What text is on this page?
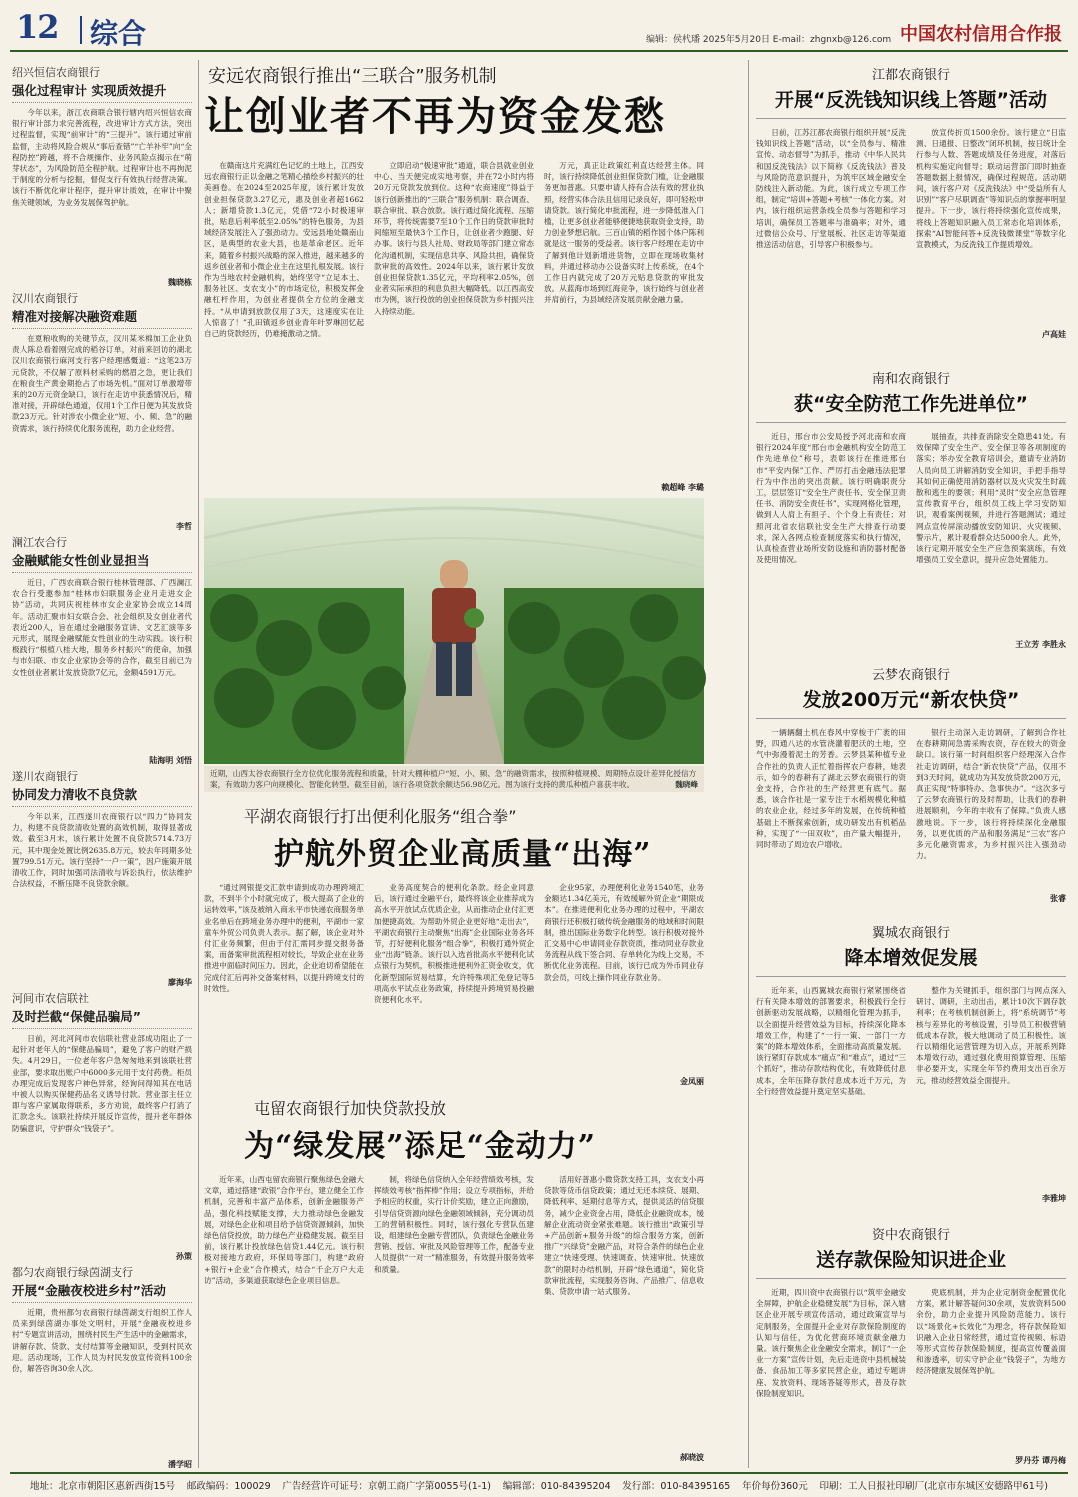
12 综合	编辑：侯杙璠 2025年5月20日 E-mail：zhgnxb@126.com 中国农村信用合作报

绍兴恒信农商银行

强化过程审计 实现质效提升

今年以来，浙江农商联合银行辖内绍兴恒信农商银行审计部力求完善流程，改进审计方式方法，突出过程监督，实现“前审计”的“三提升”。该行通过审前监督，主动将风险合规从“事后查错”“亡羊补牢”向“全程防控”跨越，将不合规操作、业务风险点揭示在“萌芽状态”，为风险防范全程护航。过程审计也不再拘泥于制度的分析与挖掘，督促支行有效执行经营决策。该行不断优化审计程序，提升审计质效，在审计中聚焦关键领域，为业务发展保驾护航。

魏晓栋

汉川农商银行

精准对接解决融资难题

在夏粮收购的关键节点，汉川某米棉加工企业负责人陈总看着刚完成的稻谷订单，对前来回访的湖北汉川农商银行麻河支行客户经理感慨道：“这笔23万元贷款，不仅解了原料材采购的燃眉之急，更让我们在粮食生产黄金期抢占了市场先机。”面对订单激增带来的20万元资金缺口，该行在走访中获悉情况后，精准对接，开辟绿色通道，仅用1个工作日便为其发放贷款23万元。针对涉农小微企业“短、小、频、急”的融资需求，该行持续优化服务流程，助力企业经营。

李哲

澜江农合行

金融赋能女性创业显担当

近日，广西农商联合银行桂林管理部、广西澜江农合行受邀参加“桂林市妇联服务企业月走进女企协”活动，共同庆祝桂林市女企业家协会成立14周年。活动汇聚市妇女联合会、社会组织及女创业者代表近200人，旨在通过金融服务宣讲、文艺汇演等多元形式，展现金融赋能女性创业的生动实践。该行积极践行“根植八桂大地，服务乡村振兴”的使命，加强与市妇联、市女企业家协会等的合作，截至目前已为女性创业者累计发放贷款7亿元，金额4591万元。

陆海明 刘悟

遂川农商银行

协同发力清收不良贷款

今年以来，江西遂川农商银行以“四力”协同发力，构建不良贷款清收处置的高效机制，取得显著成效。截至3月末，该行累计处置不良贷款5714.73万元，其中现金处置比例2635.8万元，较去年同期多处置799.51万元。该行坚持“一户一策”，因户施策开展清收工作，同时加强司法清收与诉讼执行，依法维护合法权益，不断压降不良贷款余额。

廖海华

河间市农信联社

及时拦截“保健品骗局”

日前，河北河间市农信联社营业部成功阻止了一起针对老年人的“保健品骗局”，避免了客户的财产损失。4月29日，一位老年客户急匆匆地来到该联社营业部，要求取出账户中6000多元用于支付药费。柜员办理完成后发现客户神色异常，经询问得知其在电话中被人以购买保健药品名义诱导付款。营业部主任立即与客户家属取得联系，多方劝说，最终客户打消了汇款念头。该联社持续开展反诈宣传，提升老年群体防骗意识，守护群众“钱袋子”。

孙策

都匀农商银行绿茵湖支行

开展“金融夜校进乡村”活动

近期，贵州都匀农商银行绿茵湖支行组织工作人员来到绿茵湖办事处文明村，开展“金融夜校进乡村”专题宣讲活动，围绕村民生产生活中的金融需求，讲解存款、贷款、支付结算等金融知识，受到村民欢迎。活动现场，工作人员为村民发放宣传资料100余份，解答咨询30余人次。

潘学昭

安远农商银行推出“三联合”服务机制
让创业者不再为资金发愁

在赣南这片充满红色记忆的土地上，江西安远农商银行正以金融之笔精心描绘乡村振兴的壮美画卷。在2024至2025年度，该行累计发放创业担保贷款3.27亿元，惠及创业者超1662人；新增贷款1.3亿元，凭借“72小时极速审批，贴息后利率低至2.05%”的特色服务，为县域经济发展注入了强劲动力。安远县地处赣南山区，是典型的农业大县，也是革命老区。近年来，随着乡村振兴战略的深入推进，越来越多的返乡创业者和小微企业主在这里扎根发展。该行作为当地农村金融机构，始终坚守“立足本土、服务社区、支农支小”的市场定位，积极发挥金融杠杆作用，为创业者提供全方位的金融支持。“从申请到放款仅用了3天，这速度实在让人惊喜了！”孔田镇返乡创业青年叶罗琳回忆起自己的贷款经历，仍难掩激动之情。

立即启动“极速审批”通道，联合县就业创业中心、当天便完成实地考察，并在72小时内将20万元贷款发放到位。这种“农商速度”得益于该行创新推出的“三联合”服务机制：联合调查、联合审批、联合放款。该行通过简化流程、压缩环节，将传统需要7至10个工作日的贷款审批时间缩短至最快3个工作日，让创业者少跑腿、好办事。该行与县人社局、财政局等部门建立常态化沟通机制，实现信息共享、风险共担，确保贷款审批的高效性。2024年以来，该行累计发放创业担保贷款1.35亿元，平均利率2.05%，创业者实际承担的利息负担大幅降低。以江西高安市为例，该行投放的创业担保贷款为乡村振兴注入持续动能。

万元，真正让政策红利直达经营主体。同时，该行持续降低创业担保贷款门槛，让金融服务更加普惠。只要申请人持有合法有效的营业执照，经营实体合法且信用记录良好，即可轻松申请贷款。该行简化申批流程，进一步降低准入门槛，让更多创业者能够便捷地获取资金支持，助力创业梦想启航。三百山镇的稻作园个体户陈利就是这一服务的受益者。该行客户经理在走访中了解到他计划新增进货物，立即在现场收集材料，并通过移动办公设备实时上传系统，在4个工作日内就完成了20万元贴息贷款的审批发放。从蓝海市场到红海竞争，该行始终与创业者并肩前行，为县域经济发展贡献金融力量。

赖超峰 李璐

近期，山西太谷农商银行全方位优化服务流程和质量，针对大棚种植户“短、小、频、急”的融资需求，按照种植规模、周期特点设计差异化授信方案，有效助力客户向规模化、智能化转型。截至目前，该行各项贷款余额达56.98亿元。图为该行支持的黄瓜种植户喜获丰收。	魏晓峰

平湖农商银行打出便利化服务“组合拳”

护航外贸企业高质量“出海”

“通过网银提交汇款申请到成功办理跨境汇款，不到半个小时就完成了，极大提高了企业的运转效率，”该及被纳入商永平市快递农商服务单业名单后在跨境业务办理中的便利，平湖市一家童车外贸公司负责人表示。据了解，该企业对外付汇业务频繁，但由于付汇需同步提交报务备案，而备案审批流程相对较长，导致企业在业务推进中面临时间压力。因此，企业迫切希望能在完成付汇后再补交备案材料，以提升跨境支付的时效性。

业务高度契合的便利化条款。经企业同意后，该行通过金融平台，最终将该企业推荐成为高水平开放试点优质企业，从而推动企业付汇更加便捷高效。为帮助外贸企业更好地“走出去”，平湖农商银行主动聚焦“出海”企业国际业务各环节，打好便利化服务“组合拳”，积极打通外贸企业“出海”链条。该行以入选首批高水平便利化试点银行为契机，积极推进便利外汇资金收支，优化新型国际贸易结算，允许特殊项汇免登记等5项高水平试点业务政策，持续提升跨境贸易投融资便利化水平。

企业95家，办理便利化业务1540笔，业务金额达1.34亿美元，有效缓解外贸企业“期限成本”。在推进便利化业务办理的过程中，平湖农商银行还积极打破传统金融服务的地域和时间限制，推出国际业务数字化转型。该行积极对接外汇交易中心申请同业存款资质，推动同业存款业务流程从线下签合同、存单转化为线上交易，不断优化业务流程。目前，该行已成为外币同业存款会员，可线上操作同业存款业务。

金凤丽

屯留农商银行加快贷款投放

为“绿发展”添足“金动力”

近年来，山西屯留农商银行聚焦绿色金融大文章，通过搭建“政银”合作平台，建立健全工作机制，完善和丰富产品体系，创新金融服务产品，强化科技赋能支撑，大力推动绿色金融发展，对绿色企业和项目给予信贷资源倾斜，加快绿色信贷投放，助力绿色产业稳健发展。截至目前，该行累计投放绿色信贷1.44亿元。该行积极对接地方政府，环保局等部门，构建“政府+银行+企业”合作模式，结合“千企万户大走访”活动，多渠道获取绿色企业项目信息。

制，将绿色信贷纳入全年经营绩效考核，发挥绩效考核“指挥棒”作用；设立专项指标，并给予相应的权重，实行计价奖励，建立正向激励，引导信贷资源向绿色金融领域倾斜，充分调动员工的营销积极性。同时，该行强化专营队伍建设，组建绿色金融专营团队，负责绿色金融业务营销、授信、审批及风险管理等工作，配备专业人员提供“一对一”精准服务，有效提升服务效率和质量。

活用好普惠小微贷款支持工具，支农支小再贷款等货币信贷政策；通过无还本续贷、展期、降低利率、延期付息等方式，提供灵活的信贷服务，减少企业资金占用，降低企业融资成本，缓解企业流动资金紧张难题。该行推出“政策引导+产品创新+服务升级”的综合服务方案，创新推广“兴绿贷”金融产品，对符合条件的绿色企业建立“快速受理、快速调查、快速审批、快速放款”的限时办结机制，开辟“绿色通道”，简化贷款审批流程，实现服务咨询、产品推广、信息收集、贷款申请一站式服务。

郝晓波

江都农商银行

开展“反洗钱知识线上答题”活动

日前，江苏江都农商银行组织开展“反洗钱知识线上答题”活动，以“全员参与、精准宣传、动态督导”为抓手，推动《中华人民共和国反洗钱法》以下简称《反洗钱法》普及与风险防范意识提升，为筑牢区域金融安全防线注入新动能。为此，该行成立专项工作组，制定“培训+答题+考核”一体化方案。对内，该行组织运营条线全员参与答题和学习培训，确保员工答题率与准确率；对外，通过微信公众号、厅堂展板、社区走访等渠道推送活动信息，引导客户积极参与。

放宣传折页1500余份。该行建立“日监测、日通报、日整改”闭环机制，按日统计全行参与人数、答题成绩及任务进度，对落后机构实施定向督导；联动运营部门即时抽查答题数据上报情况，确保过程规范。活动期间，该行客户对《反洗钱法》中“受益所有人识别”“客户尽职调查”等知识点的掌握率明显提升。下一步，该行将持续强化宣传成果，将线上答题知识融入员工常态化培训体系，探索“AI智能问答+反洗钱微课堂”等数字化宣教模式，为反洗钱工作提质增效。

卢高娃

南和农商银行

获“安全防范工作先进单位”

近日，邢台市公安局授予河北南和农商银行2024年度“邢台市金融机构安全防范工作先进单位”称号，表彰该行在推进邢台市“平安内保”工作、严厉打击金融违法犯罪行为中作出的突出贡献。该行明确职责分工，层层签订“安全生产责任书、安全保卫责任书、消防安全责任书”，实现网格化管理，做到人人肩上有担子、个个身上有责任；对照河北省农信联社安全生产大排查行动要求，深入各网点检查制度落实和执行情况，认真检查营业场所安防设施和消防器材配备及使用情况。

展抽查，共排查消除安全隐患41处。有效保障了安全生产、安全保卫等各项制度的落实；举办安全教育培训会，邀请专业消防人员向员工讲解消防安全知识，手把手指导其如何正确使用消防器材以及火灾发生时疏散和逃生的要领；利用“灵时”安全应急管理宣传教育平台，组织员工线上学习安防知识，观看案例视频，并进行答题测试；通过网点宣传屏滚动播放安防知识、火灾视频、警示片，累计观看群众达5000余人。此外，该行定期开展安全生产应急预案演练，有效增强员工安全意识，提升应急处置能力。

王立芳 李胜永

云梦农商银行

发放200万元“新农快贷”

一辆辆翻土机在春风中穿梭于广袤的田野，四通八达的水管浇灌着肥沃的土地，空气中弥漫着泥土的芳香。云梦县某种植专业合作社的负责人正忙着指挥农户春耕，她表示，如今的春耕有了湖北云梦农商银行的资金支持，合作社的生产经营更有底气。据悉，该合作社是一家专注于水稻规模化种植的农业企业，经过多年的发展，在传统种植基础上不断探索创新，成功研发出有机稻品种，实现了“一田双收”，由产量大幅提升，同时带动了周边农户增收。

银行主动深入走访调研，了解到合作社在春耕期间急需采购农资，存在较大的资金缺口。该行第一时间组织客户经理深入合作社走访调研，结合“新农快贷”产品，仅用不到3天时间，就成功为其发放贷款200万元，真正实现“特事特办、急事快办”。“这次多亏了云梦农商银行的及时帮助，让我们的春耕进展顺利，今年的丰收有了保障。”负责人感激地说。下一步，该行将持续深化金融服务，以更优质的产品和服务满足“三农”客户多元化融资需求，为乡村振兴注入强劲动力。

张睿

翼城农商银行

降本增效促发展

近年来，山西翼城农商银行紧紧围绕省行有关降本增效的部署要求，积极践行全行创新驱动发展战略，以精细化管理为抓手，以全面提升经营效益为目标，持续深化降本增效工作，构建了“一行一策、一部门一方案”的降本增效体系，全面推动高质量发展。该行紧盯存款成本“痛点”和“难点”，通过“三个抓好”，推动存款结构优化，有效降低付息成本，全年压降存款付息成本近千万元，为全行经营效益提升奠定坚实基础。

整作为关键抓手，组织部门与网点深入研讨、调研，主动出击，累计10次下调存款利率；在考核机制创新上，将“系统调节”考核与差异化的考核设置，引导员工积极营销低成本存款，极大地调动了员工积极性。该行以精细化运营管理为切入点，开展系列降本增效行动，通过强化费用预算管理、压缩非必要开支，实现全年节约费用支出百余万元，推动经营效益全面提升。

李雅坤

资中农商银行

送存款保险知识进企业

近期，四川资中农商银行以“筑牢金融安全屏障，护航企业稳健发展”为目标，深入辖区企业开展专项宣传活动，通过政策宣导与定制服务，全面提升企业对存款保险制度的认知与信任，为优化营商环境贡献金融力量。该行聚焦企业金融安全需求，制订“一企业一方案”宣传计划，先后走进资中县机械装备、食品加工等多家民营企业，通过专题讲座、发放资料、现场答疑等形式，普及存款保险制度知识。

兜底机制，并为企业定制资金配置优化方案，累计解答疑问30余项，发放资料500余份，助力企业提升风险防范能力。该行以“场景化+长效化”为理念，将存款保险知识融入企业日常经营，通过宣传视频、标语等形式宣传存款保险制度，提高宣传覆盖面和渗透率，切实守护企业“钱袋子”，为地方经济健康发展保驾护航。

罗丹芬 谭丹梅

地址：北京市朝阳区惠新西街15号 邮政编码：100029 广告经营许可证号：京朝工商广字第0055号(1-1) 编辑部：010-84395204 发行部：010-84395165 年价每份360元 印刷：工人日报社印刷厂(北京市东城区安德路甲61号)
